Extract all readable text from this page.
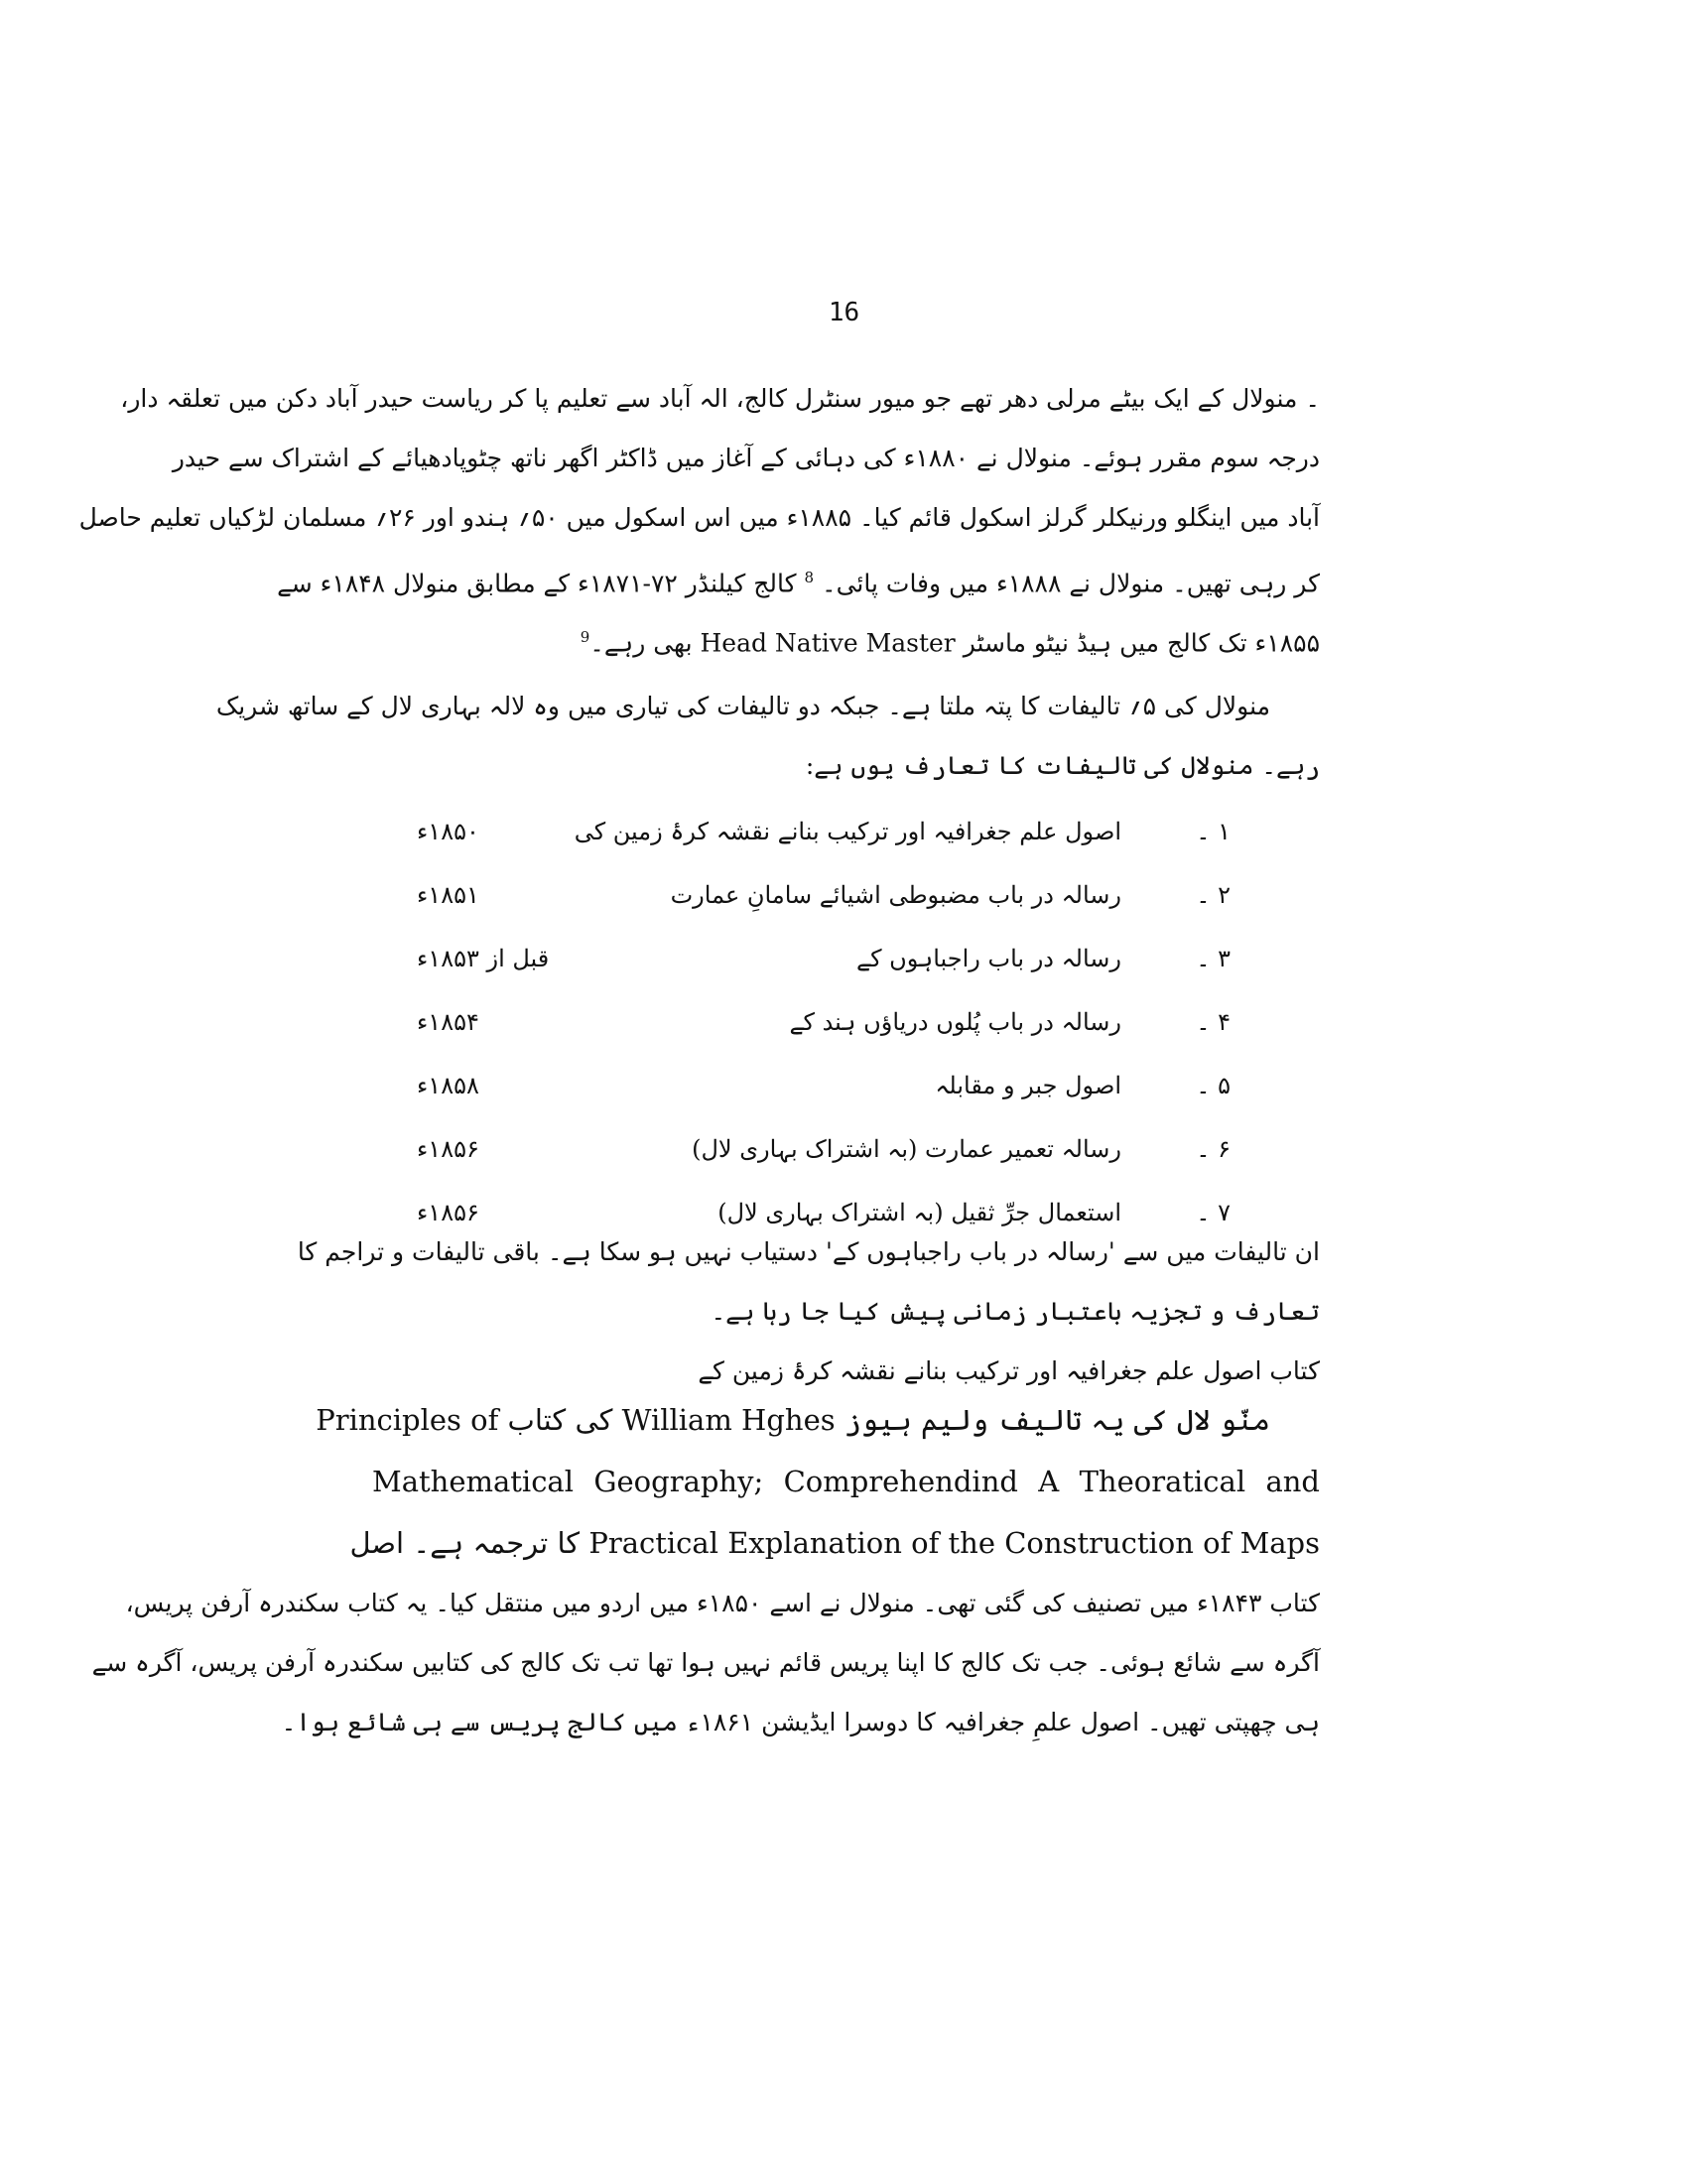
16
۔ منولال کے ایک بیٹے مرلی دھر تھے جو میور سنٹرل کالج، الہ آباد سے تعلیم پا کر ریاست حیدر آباد دکن میں تعلقہ دار،
درجہ سوم مقرر ہوئے۔ منولال نے ۱۸۸۰ء کی دہائی کے آغاز میں ڈاکٹر اگھر ناتھ چٹوپادھیائے کے اشتراک سے حیدر
آباد میں اینگلو ورنیکلر گرلز اسکول قائم کیا۔ ۱۸۸۵ء میں اس اسکول میں ۵۰؍ ہندو اور ۲۶؍ مسلمان لڑکیاں تعلیم حاصل
کر رہی تھیں۔ منولال نے ۱۸۸۸ء میں وفات پائی۔ $^8$ کالج کیلنڈر ۷۲-۱۸۷۱ء کے مطابق منولال ۱۸۴۸ء سے
۱۸۵۵ء تک کالج میں ہیڈ نیٹو ماسٹر Head Native Master بھی رہے۔$^9$
منولال کی ۵؍ تالیفات کا پتہ ملتا ہے۔ جبکہ دو تالیفات کی تیاری میں وہ لالہ بہاری لال کے ساتھ شریک
رہے۔ منولال کی تالیفات کا تعارف یوں ہے:
۱ ۔
اصول علم جغرافیہ اور ترکیب بنانے نقشہ کرۂ زمین کی
۱۸۵۰ء
۲ ۔
رسالہ در باب مضبوطی اشیائے سامانِ عمارت
۱۸۵۱ء
۳ ۔
رسالہ در باب راجباہوں کے
قبل از ۱۸۵۳ء
۴ ۔
رسالہ در باب پُلوں دریاؤں ہند کے
۱۸۵۴ء
۵ ۔
اصول جبر و مقابلہ
۱۸۵۸ء
۶ ۔
رسالہ تعمیر عمارت (بہ اشتراک بہاری لال)
۱۸۵۶ء
۷ ۔
استعمال جرِّ ثقیل (بہ اشتراک بہاری لال)
۱۸۵۶ء
ان تالیفات میں سے 'رسالہ در باب راجباہوں کے' دستیاب نہیں ہو سکا ہے۔ باقی تالیفات و تراجم کا
تعارف و تجزیہ باعتبار زمانی پیش کیا جا رہا ہے۔
کتاب اصول علم جغرافیہ اور ترکیب بنانے نقشہ کرۂ زمین کے
منّو لال کی یہ تالیف ولیم ہیوز William Hghes کی کتاب Principles of
Mathematical Geography; Comprehendind A Theoratical and
Practical Explanation of the Construction of Maps کا ترجمہ ہے۔ اصل
کتاب ۱۸۴۳ء میں تصنیف کی گئی تھی۔ منولال نے اسے ۱۸۵۰ء میں اردو میں منتقل کیا۔ یہ کتاب سکندرہ آرفن پریس،
آگرہ سے شائع ہوئی۔ جب تک کالج کا اپنا پریس قائم نہیں ہوا تھا تب تک کالج کی کتابیں سکندرہ آرفن پریس، آگرہ سے
ہی چھپتی تھیں۔ اصول علمِ جغرافیہ کا دوسرا ایڈیشن ۱۸۶۱ء میں کالج پریس سے ہی شائع ہوا۔
